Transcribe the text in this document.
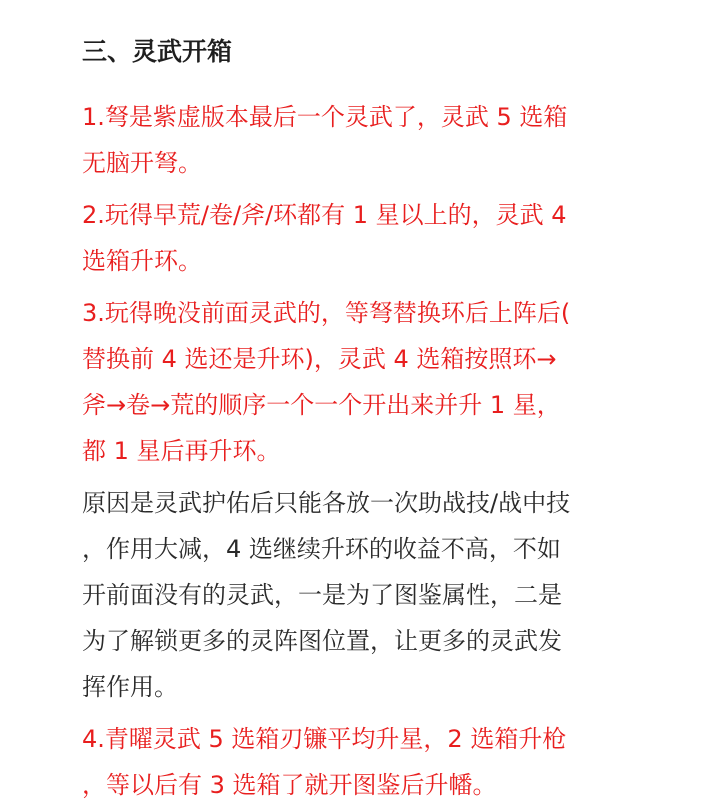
三、灵武开箱
1.弩是紫虚版本最后一个灵武了，灵武 5 选箱
无脑开弩。
2.玩得早荒/卷/斧/环都有 1 星以上的，灵武 4
选箱升环。
3.玩得晚没前面灵武的，等弩替换环后上阵后(
替换前 4 选还是升环)，灵武 4 选箱按照环→
斧→卷→荒的顺序一个一个开出来并升 1 星，
都 1 星后再升环。
原因是灵武护佑后只能各放一次助战技/战中技
，作用大减，4 选继续升环的收益不高，不如
开前面没有的灵武，一是为了图鉴属性，二是
为了解锁更多的灵阵图位置，让更多的灵武发
挥作用。
4.青曜灵武 5 选箱刃镰平均升星，2 选箱升枪
，等以后有 3 选箱了就开图鉴后升幡。
